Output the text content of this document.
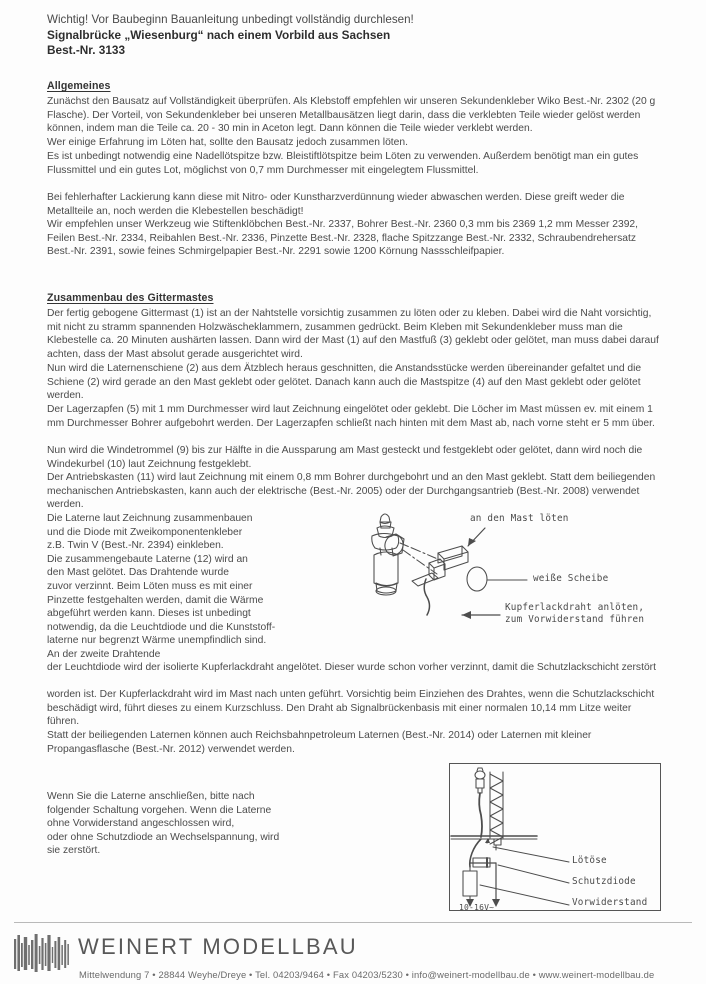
Wichtig! Vor Baubeginn Bauanleitung unbedingt vollständig durchlesen!
Signalbrücke „Wiesenburg“ nach einem Vorbild aus Sachsen
Best.-Nr. 3133
Allgemeines
Zunächst den Bausatz auf Vollständigkeit überprüfen. Als Klebstoff empfehlen wir unseren Sekundenkleber Wiko Best.-Nr. 2302 (20 g Flasche). Der Vorteil, von Sekundenkleber bei unseren Metallbausätzen liegt darin, dass die verklebten Teile wieder gelöst werden können, indem man die Teile ca. 20 - 30 min in Aceton legt. Dann können die Teile wieder verklebt werden.
Wer einige Erfahrung im Löten hat, sollte den Bausatz jedoch zusammen löten.
Es ist unbedingt notwendig eine Nadellötspitze bzw. Bleistiftlötspitze beim Löten zu verwenden. Außerdem benötigt man ein gutes Flussmittel und ein gutes Lot, möglichst von 0,7 mm Durchmesser mit eingelegtem Flussmittel.
Bei fehlerhafter Lackierung kann diese mit Nitro- oder Kunstharzverdünnung wieder abwaschen werden. Diese greift weder die Metallteile an, noch werden die Klebestellen beschädigt!
Wir empfehlen unser Werkzeug wie Stiftenklöbchen Best.-Nr. 2337, Bohrer Best.-Nr. 2360 0,3 mm bis 2369 1,2 mm Messer 2392, Feilen Best.-Nr. 2334, Reibahlen Best.-Nr. 2336, Pinzette Best.-Nr. 2328, flache Spitzzange Best.-Nr. 2332, Schraubendrehersatz Best.-Nr. 2391, sowie feines Schmirgelpapier Best.-Nr. 2291 sowie 1200 Körnung Nassschleifpapier.
Zusammenbau des Gittermastes
Der fertig gebogene Gittermast (1) ist an der Nahtstelle vorsichtig zusammen zu löten oder zu kleben. Dabei wird die Naht vorsichtig, mit nicht zu stramm spannenden Holzwäscheklammern, zusammen gedrückt. Beim Kleben mit Sekundenkleber muss man die Klebestelle ca. 20 Minuten aushärten lassen. Dann wird der Mast (1) auf den Mastfuß (3) geklebt oder gelötet, man muss dabei darauf achten, dass der Mast absolut gerade ausgerichtet wird.
Nun wird die Laternenschiene (2) aus dem Ätzblech heraus geschnitten, die Anstandsstücke werden übereinander gefaltet und die Schiene (2) wird gerade an den Mast geklebt oder gelötet. Danach kann auch die Mastspitze (4) auf den Mast geklebt oder gelötet werden.
Der Lagerzapfen (5) mit 1 mm Durchmesser wird laut Zeichnung eingelötet oder geklebt. Die Löcher im Mast müssen ev. mit einem 1 mm Durchmesser Bohrer aufgebohrt werden. Der Lagerzapfen schließt nach hinten mit dem Mast ab, nach vorne steht er 5 mm über.
Nun wird die Windetrommel (9) bis zur Hälfte in die Aussparung am Mast gesteckt und festgeklebt oder gelötet, dann wird noch die Windekurbel (10) laut Zeichnung festgeklebt.
Der Antriebskasten (11) wird laut Zeichnung mit einem 0,8 mm Bohrer durchgebohrt und an den Mast geklebt. Statt dem beiliegenden mechanischen Antriebskasten, kann auch der elektrische (Best.-Nr. 2005) oder der Durchgangsantrieb (Best.-Nr. 2008) verwendet werden.

Die Laterne laut Zeichnung zusammenbauen

und die Diode mit Zweikomponentenkleber

z.B. Twin V (Best.-Nr. 2394) einkleben.

Die zusammengebaute Laterne (12) wird an

den Mast gelötet. Das Drahtende wurde

zuvor verzinnt. Beim Löten muss es mit einer

Pinzette festgehalten werden, damit die Wärme

abgeführt werden kann. Dieses ist unbedingt

notwendig, da die Leuchtdiode und die Kunststoff-

laterne nur begrenzt Wärme unempfindlich sind.

An der zweite Drahtende

der Leuchtdiode wird der isolierte Kupferlackdraht angelötet. Dieser wurde schon vorher verzinnt, damit die Schutzlackschicht zerstört
worden ist. Der Kupferlackdraht wird im Mast nach unten geführt. Vorsichtig beim Einziehen des Drahtes, wenn die Schutzlackschicht beschädigt wird, führt dieses zu einem Kurzschluss. Den Draht ab Signalbrückenbasis mit einer normalen 10,14 mm Litze weiter führen.
Statt der beiliegenden Laternen können auch Reichsbahnpetroleum Laternen (Best.-Nr. 2014) oder Laternen mit kleiner Propangasflasche (Best.-Nr. 2012) verwendet werden.

Wenn Sie die Laterne anschließen, bitte nach

folgender Schaltung vorgehen. Wenn die Laterne

ohne Vorwiderstand angeschlossen wird,

oder ohne Schutzdiode an Wechselspannung, wird

sie zerstört.

an den Mast löten
weiße Scheibe
Kupferlackdraht anlöten,
zum Vorwiderstand führen
Lötöse
Schutzdiode
Vorwiderstand
10-16V~
WEINERT MODELLBAU
Mittelwendung 7 • 28844 Weyhe/Dreye • Tel. 04203/9464 • Fax 04203/5230 • info@weinert-modellbau.de • www.weinert-modellbau.de
